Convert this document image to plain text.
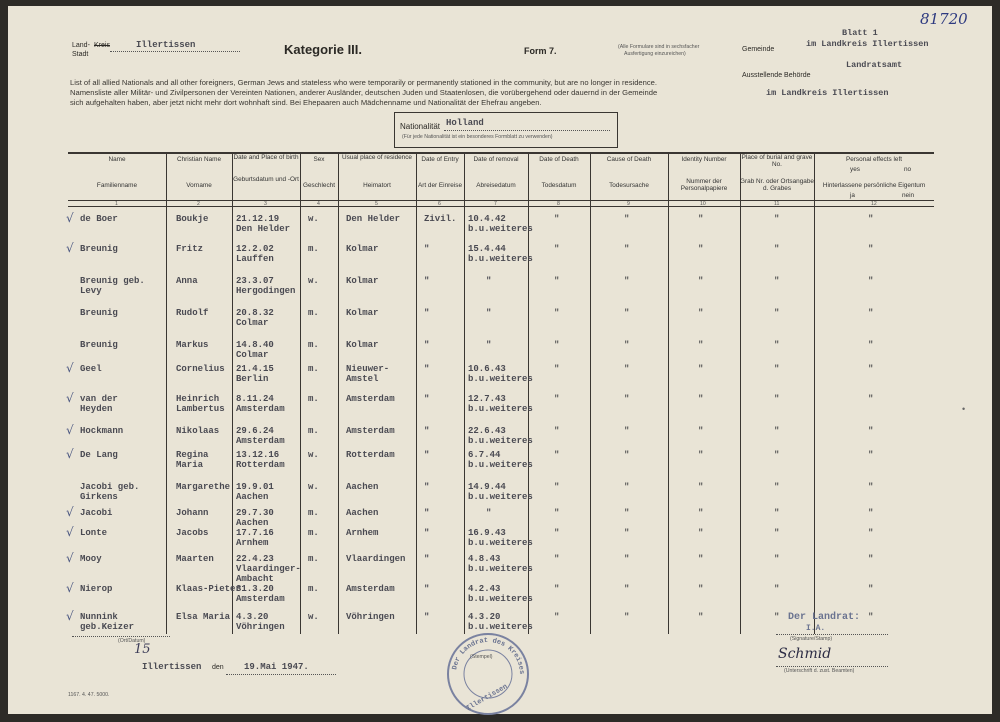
Land- Kreis
Stadt
Illertissen	Kategorie III.	Form 7.	(Alle Formulare sind in sechsfacher
Ausfertigung einzureichen)
Gemeinde
Ausstellende Behörde
Blatt 1
im Landkreis Illertissen
Landratsamt
im Landkreis Illertissen
81720
List of all allied Nationals and all other foreigners, German Jews and stateless who were temporarily or permanently stationed in the community, but are no longer in residence.
Namensliste aller Militär- und Zivilpersonen der Vereinten Nationen, anderer Ausländer, deutschen Juden und Staatenlosen, die vorübergehend oder dauernd in der Gemeinde
sich aufgehalten haben, aber jetzt nicht mehr dort wohnhaft sind. Bei Ehepaaren auch Mädchenname und Nationalität der Ehefrau angeben.
Nationalität Holland
(Für jede Nationalität ist ein besonderes Formblatt zu verwenden)
Name
Familienname
Christian Name
Vorname
Date and Place of birth
Geburtsdatum und -Ort
Sex
Geschlecht
Usual place of residence
Heimatort
Date of Entry
Art der Einreise
Date of removal
Abreisedatum
Date of Death
Todesdatum
Cause of Death
Todesursache
Identity Number
Nummer der Personalpapiere
Place of burial and grave No.
Grab Nr. oder Ortsangabe d. Grabes
Personal effects left
Hinterlassene persönliche Eigentum
yes	no
ja	nein
1	2	3	4	5	6	7	8	9	10	11	12
√ de Boer	Boukje	21.12.19
Den Helder
w.	Den Helder	Zivil. 10.4.42
b.u.weiteres
"	"	"	"	"
√ Breunig	Fritz	12.2.02
Lauffen
m.	Kolmar	"	15.4.44
b.u.weiteres
"	"	"	"	"
Breunig geb.
Levy
Anna	23.3.07
Hergodingen
w.	Kolmar	"	"	"	"	"	"	"
Breunig	Rudolf	20.8.32
Colmar
m.	Kolmar	"	"	"	"	"	"	"
Breunig	Markus	14.8.40
Colmar
m.	Kolmar	"	"	"	"	"	"	"
√ Geel	Cornelius 21.4.15
Berlin
m.	Nieuwer-
Amstel
"	10.6.43
b.u.weiteres
"	"	"	"	"
√ van der
Heyden
Heinrich
Lambertus
8.11.24
Amsterdam
m.	Amsterdam	"	12.7.43
b.u.weiteres
"	"	"	"	"
√ Hockmann	Nikolaas 29.6.24
Amsterdam
m.	Amsterdam	"	22.6.43
b.u.weiteres
"	"	"	"	"
√ De Lang	Regina
Maria
13.12.16
Rotterdam
w.	Rotterdam	"	6.7.44
b.u.weiteres
"	"	"	"	"
Jacobi geb.
Girkens
Margarethe 19.9.01
Aachen
w.	Aachen	"	14.9.44
b.u.weiteres
"	"	"	"	"
√ Jacobi	Johann	29.7.30
Aachen
m.	Aachen	"	"	"	"	"	"	"
√ Lonte	Jacobs	17.7.16
Arnhem
m.	Arnhem	"	16.9.43
b.u.weiteres
"	"	"	"	"
√ Mooy	Maarten 22.4.23
Vlaardinger-
Ambacht
m.	Vlaardingen "	4.8.43
b.u.weiteres
"	"	"	"	"
√ Nierop	Klaas-Pieter
31.3.20
Amsterdam
m.	Amsterdam	"	4.2.43
b.u.weiteres
"	"	"	"	"
√ Nunnink
geb.Keizer
Elsa Maria 4.3.20
Vöhringen
w.	Vöhringen	"	4.3.20
b.u.weiteres
"	"	"	"	"
•
(Ort/Datum)
15
Illertissen den 19.Mai 1947.	Der Landrat des Kreises
(Stempel)
Illertissen
Der Landrat:
I.A.
(Signature/Stamp)
Schmid
(Unterschrift d. zust. Beamten)
1167. 4. 47. 5000.
